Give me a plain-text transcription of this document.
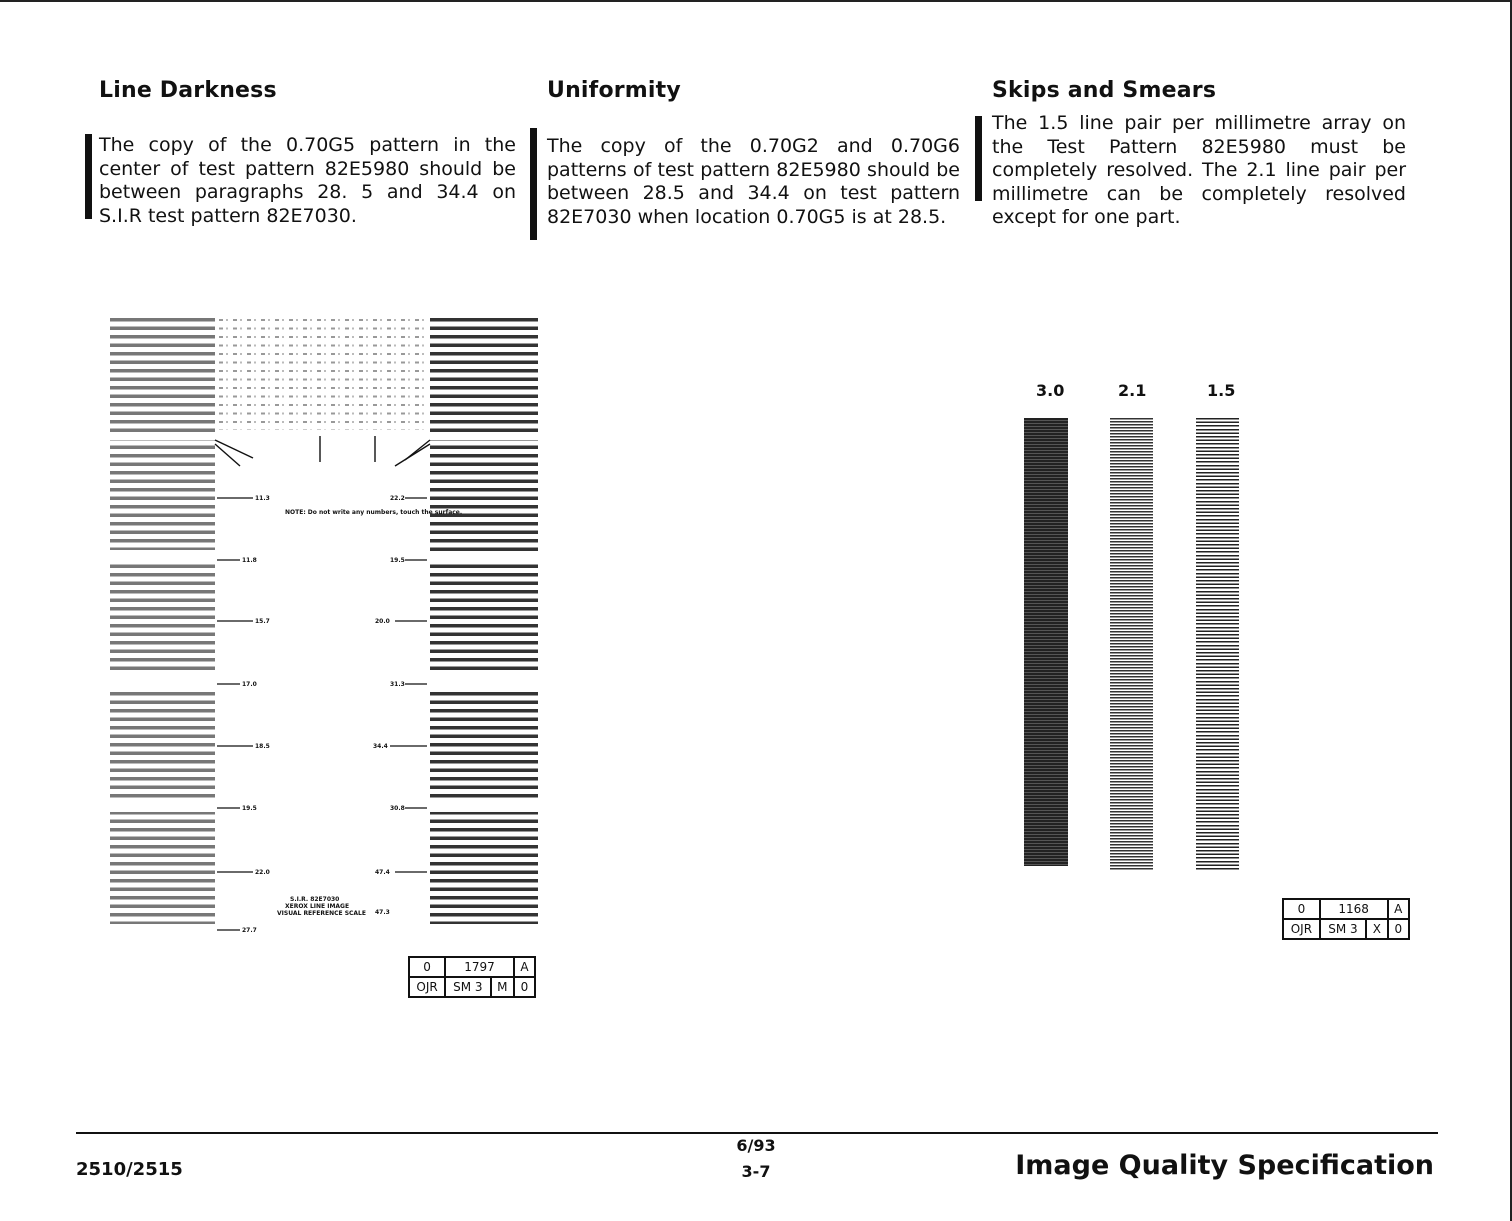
Line Darkness	Uniformity	Skips and Smears
The copy of the 0.70G5 pattern in the center of test pattern 82E5980 should be between paragraphs 28. 5 and 34.4 on S.I.R test pattern 82E7030.
The copy of the 0.70G2 and 0.70G6 patterns of test pattern 82E5980 should be between 28.5 and 34.4 on test pattern 82E7030 when location 0.70G5 is at 28.5.
The 1.5 line pair per millimetre array on the Test Pattern 82E5980 must be completely resolved. The 2.1 line pair per millimetre can be completely resolved except for one part.
11.3
11.8
15.7
17.0
18.5
19.5
22.0
27.7
22.2
19.5
20.0
31.3
34.4
30.8
47.4
47.3
NOTE: Do not write any numbers, touch the surface.
S.I.R. 82E7030
XEROX LINE IMAGE
VISUAL REFERENCE SCALE
0	1797		A
OJR	SM 3	M	0
3.0	2.1	1.5
0	1168		A
OJR	SM 3	X	0
2510/2515
6/93
3-7	Image Quality Specification
